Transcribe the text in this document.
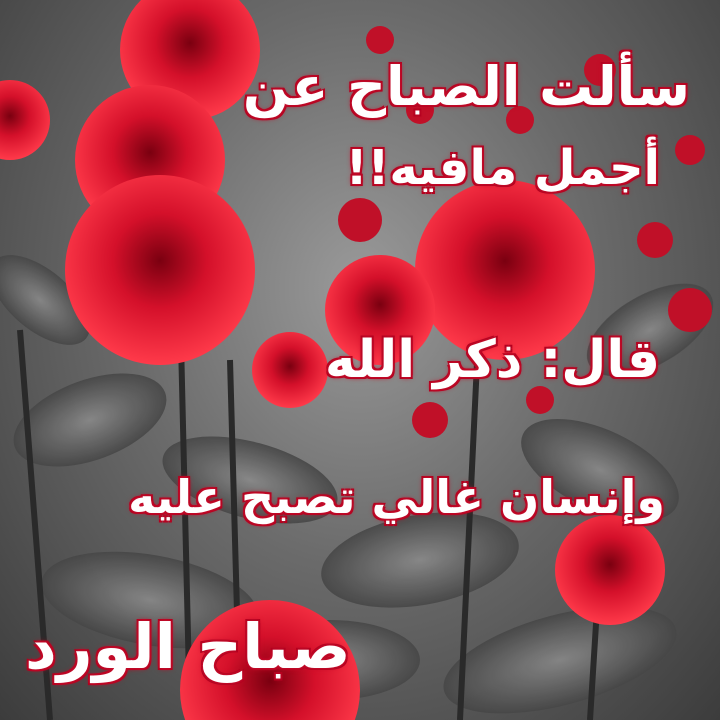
سألت الصباح عن
أجمل مافيه!!
قال: ذكر الله
وإنسان غالي تصبح عليه
صباح الورد
